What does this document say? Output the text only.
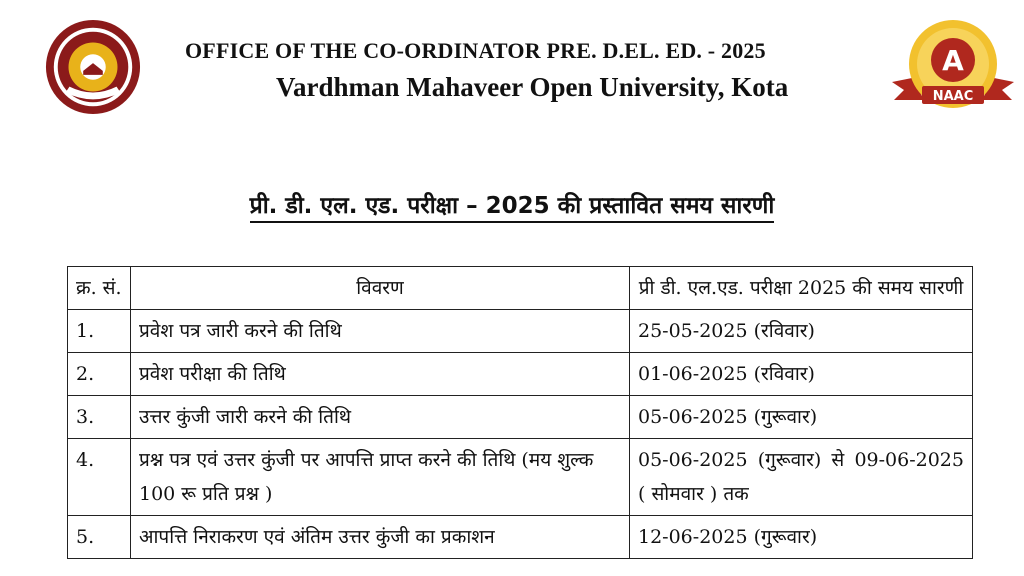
OFFICE OF THE CO-ORDINATOR PRE. D.EL. ED. - 2025
Vardhman Mahaveer Open University, Kota
A
NAAC
प्री. डी. एल. एड. परीक्षा – 2025 की प्रस्तावित समय सारणी
क्र. सं.	विवरण	प्री डी. एल.एड. परीक्षा 2025 की समय सारणी
1.	प्रवेश पत्र जारी करने की तिथि	25-05-2025 (रविवार)
2.	प्रवेश परीक्षा की तिथि	01-06-2025 (रविवार)
3.	उत्तर कुंजी जारी करने की तिथि	05-06-2025 (गुरूवार)
4.	प्रश्न पत्र एवं उत्तर कुंजी पर आपत्ति प्राप्त करने की तिथि (मय शुल्क 100 रू प्रति प्रश्न )	05-06-2025 (गुरूवार) से 09-06-2025 ( सोमवार ) तक
5.	आपत्ति निराकरण एवं अंतिम उत्तर कुंजी का प्रकाशन	12-06-2025 (गुरूवार)
